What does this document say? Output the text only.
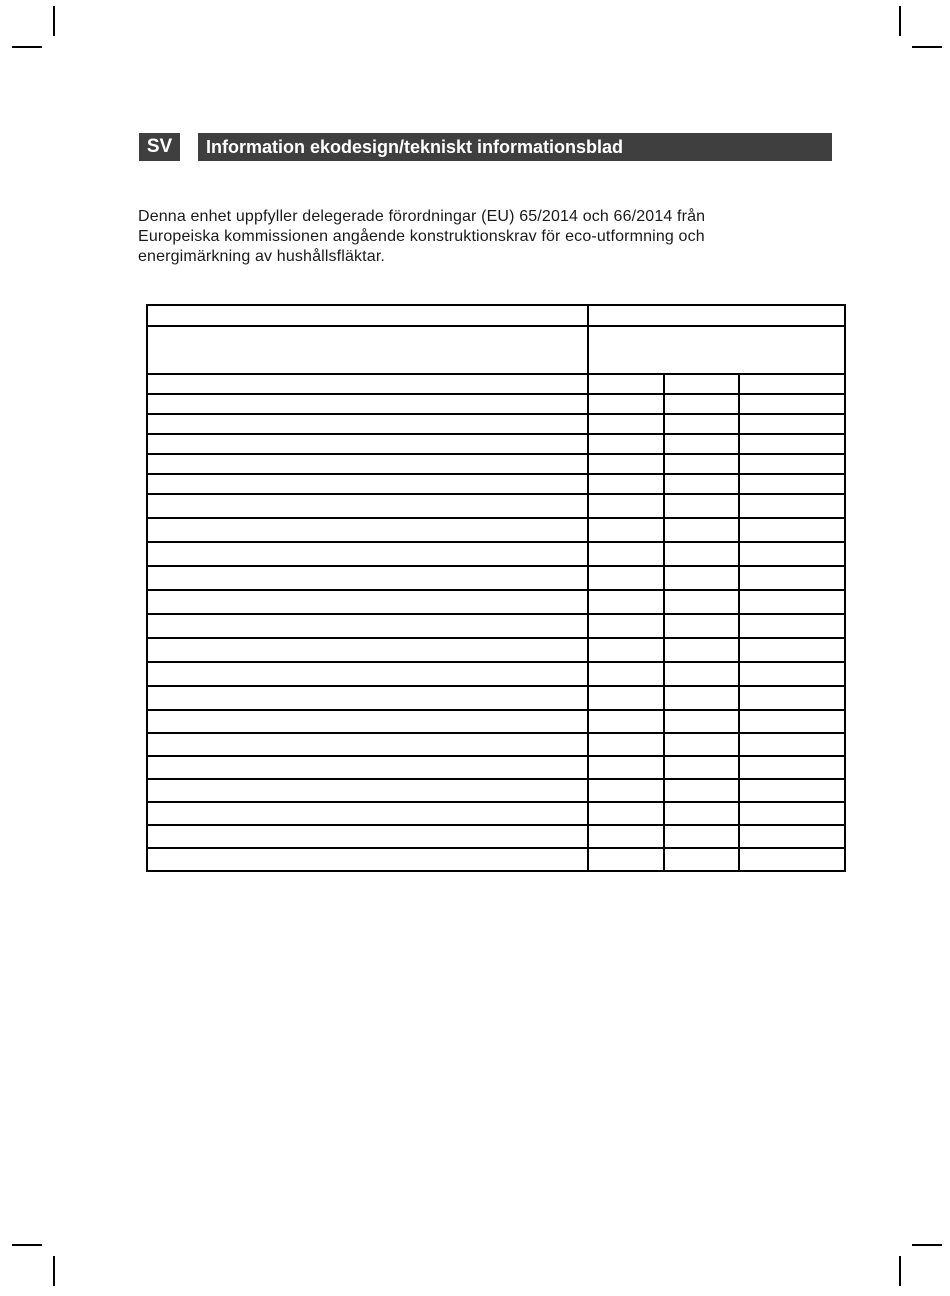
SV	Information ekodesign/tekniskt informationsblad

Denna enhet uppfyller delegerade förordningar (EU) 65/2014 och 66/2014 från

Europeiska kommissionen angående konstruktionskrav för eco-utformning och

energimärkning av hushållsfläktar.
